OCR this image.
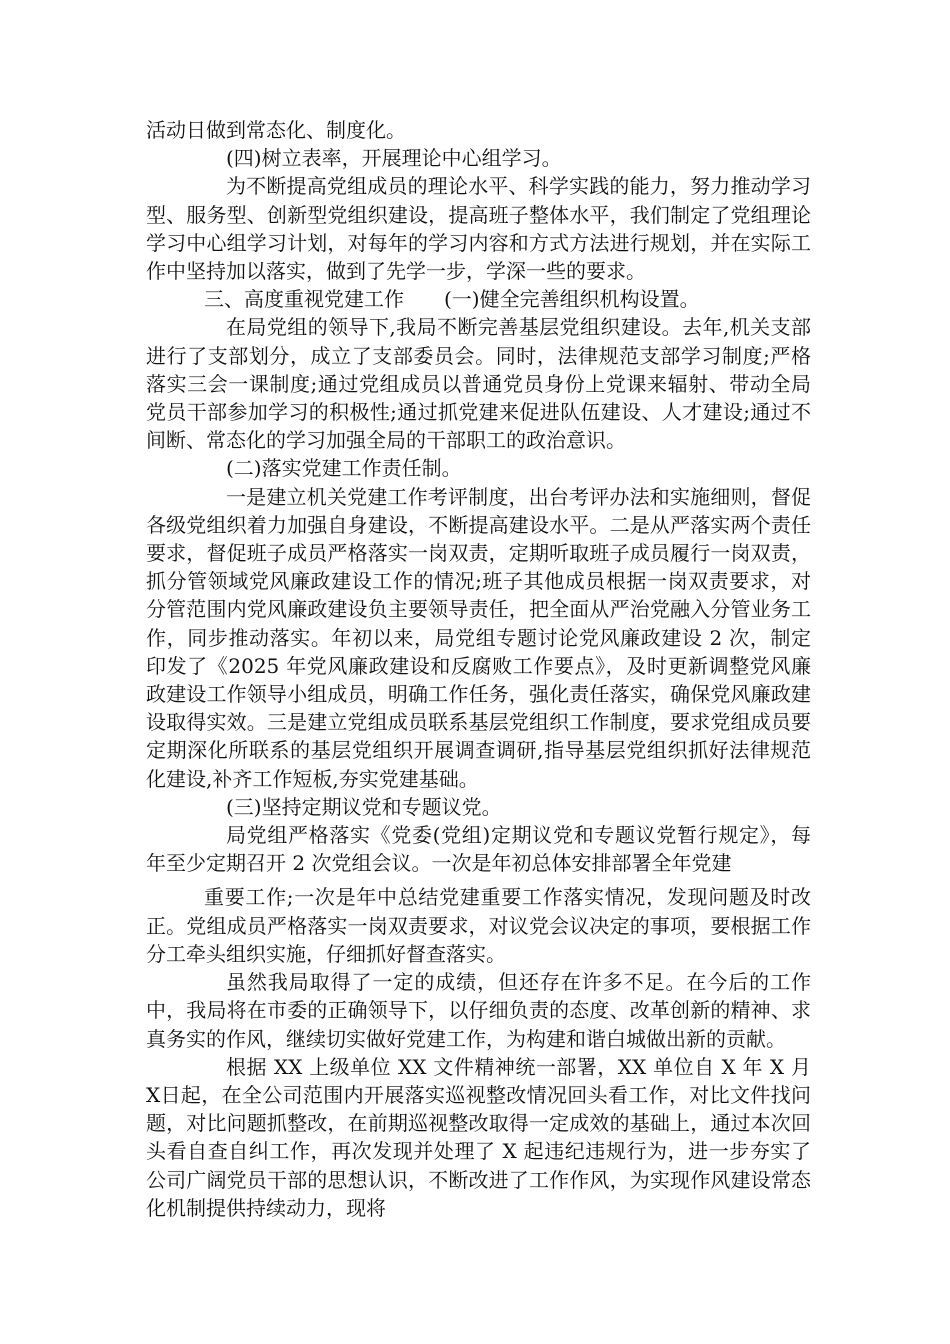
活动日做到常态化、制度化。

(四)树立表率，开展理论中心组学习。

为不断提高党组成员的理论水平、科学实践的能力，努力推动学习型、服务型、创新型党组织建设，提高班子整体水平，我们制定了党组理论学习中心组学习计划，对每年的学习内容和方式方法进行规划，并在实际工作中坚持加以落实，做到了先学一步，学深一些的要求。

三、高度重视党建工作　　(一)健全完善组织机构设置。

在局党组的领导下,我局不断完善基层党组织建设。去年,机关支部进行了支部划分，成立了支部委员会。同时，法律规范支部学习制度;严格落实三会一课制度;通过党组成员以普通党员身份上党课来辐射、带动全局党员干部参加学习的积极性;通过抓党建来促进队伍建设、人才建设;通过不间断、常态化的学习加强全局的干部职工的政治意识。

(二)落实党建工作责任制。

一是建立机关党建工作考评制度，出台考评办法和实施细则，督促各级党组织着力加强自身建设，不断提高建设水平。二是从严落实两个责任要求，督促班子成员严格落实一岗双责，定期听取班子成员履行一岗双责，抓分管领域党风廉政建设工作的情况;班子其他成员根据一岗双责要求，对分管范围内党风廉政建设负主要领导责任，把全面从严治党融入分管业务工作，同步推动落实。年初以来，局党组专题讨论党风廉政建设 2 次，制定印发了《2025 年党风廉政建设和反腐败工作要点》，及时更新调整党风廉政建设工作领导小组成员，明确工作任务，强化责任落实，确保党风廉政建设取得实效。三是建立党组成员联系基层党组织工作制度，要求党组成员要定期深化所联系的基层党组织开展调查调研,指导基层党组织抓好法律规范化建设,补齐工作短板,夯实党建基础。

(三)坚持定期议党和专题议党。

局党组严格落实《党委(党组)定期议党和专题议党暂行规定》，每年至少定期召开 2 次党组会议。一次是年初总体安排部署全年党建

重要工作;一次是年中总结党建重要工作落实情况，发现问题及时改正。党组成员严格落实一岗双责要求，对议党会议决定的事项，要根据工作分工牵头组织实施，仔细抓好督查落实。

虽然我局取得了一定的成绩，但还存在许多不足。在今后的工作中，我局将在市委的正确领导下，以仔细负责的态度、改革创新的精神、求真务实的作风，继续切实做好党建工作，为构建和谐白城做出新的贡献。

根据 XX 上级单位 XX 文件精神统一部署，XX 单位自 X 年 X 月 X日起，在全公司范围内开展落实巡视整改情况回头看工作，对比文件找问题，对比问题抓整改，在前期巡视整改取得一定成效的基础上，通过本次回头看自查自纠工作，再次发现并处理了 X 起违纪违规行为，进一步夯实了公司广阔党员干部的思想认识，不断改进了工作作风，为实现作风建设常态化机制提供持续动力，现将
